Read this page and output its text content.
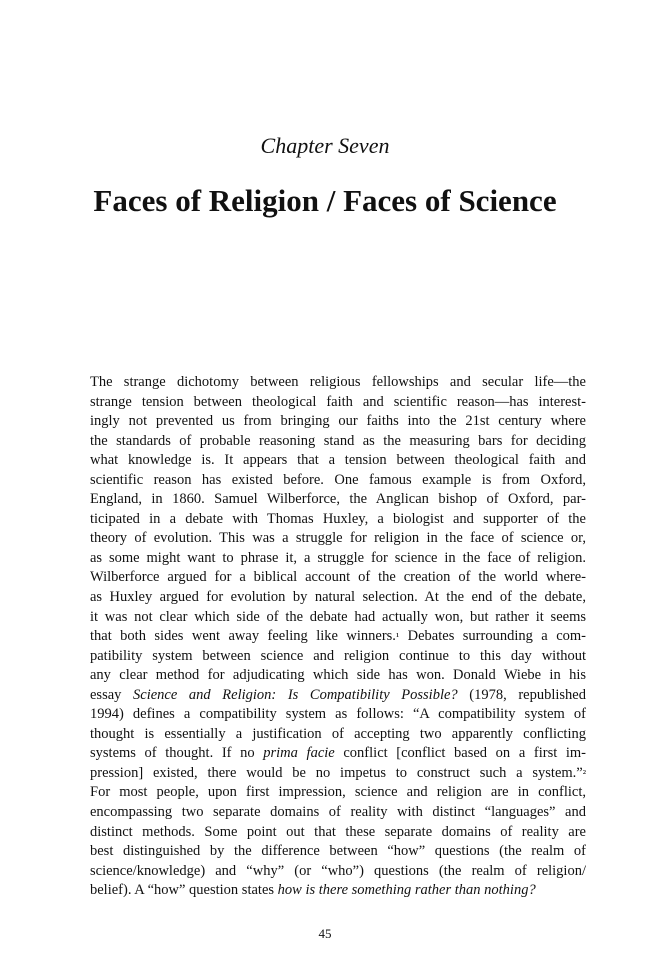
Chapter Seven
Faces of Religion / Faces of Science
The strange dichotomy between religious fellowships and secular life—the
strange tension between theological faith and scientific reason—has interest-
ingly not prevented us from bringing our faiths into the 21st century where
the standards of probable reasoning stand as the measuring bars for deciding
what knowledge is. It appears that a tension between theological faith and
scientific reason has existed before. One famous example is from Oxford,
England, in 1860. Samuel Wilberforce, the Anglican bishop of Oxford, par-
ticipated in a debate with Thomas Huxley, a biologist and supporter of the
theory of evolution. This was a struggle for religion in the face of science or,
as some might want to phrase it, a struggle for science in the face of religion.
Wilberforce argued for a biblical account of the creation of the world where-
as Huxley argued for evolution by natural selection. At the end of the debate,
it was not clear which side of the debate had actually won, but rather it seems
that both sides went away feeling like winners.¹ Debates surrounding a com-
patibility system between science and religion continue to this day without
any clear method for adjudicating which side has won. Donald Wiebe in his
essay Science and Religion: Is Compatibility Possible? (1978, republished
1994) defines a compatibility system as follows: “A compatibility system of
thought is essentially a justification of accepting two apparently conflicting
systems of thought. If no prima facie conflict [conflict based on a first im-
pression] existed, there would be no impetus to construct such a system.”²
For most people, upon first impression, science and religion are in conflict,
encompassing two separate domains of reality with distinct “languages” and
distinct methods. Some point out that these separate domains of reality are
best distinguished by the difference between “how” questions (the realm of
science/knowledge) and “why” (or “who”) questions (the realm of religion/
belief). A “how” question states how is there something rather than nothing?
45
